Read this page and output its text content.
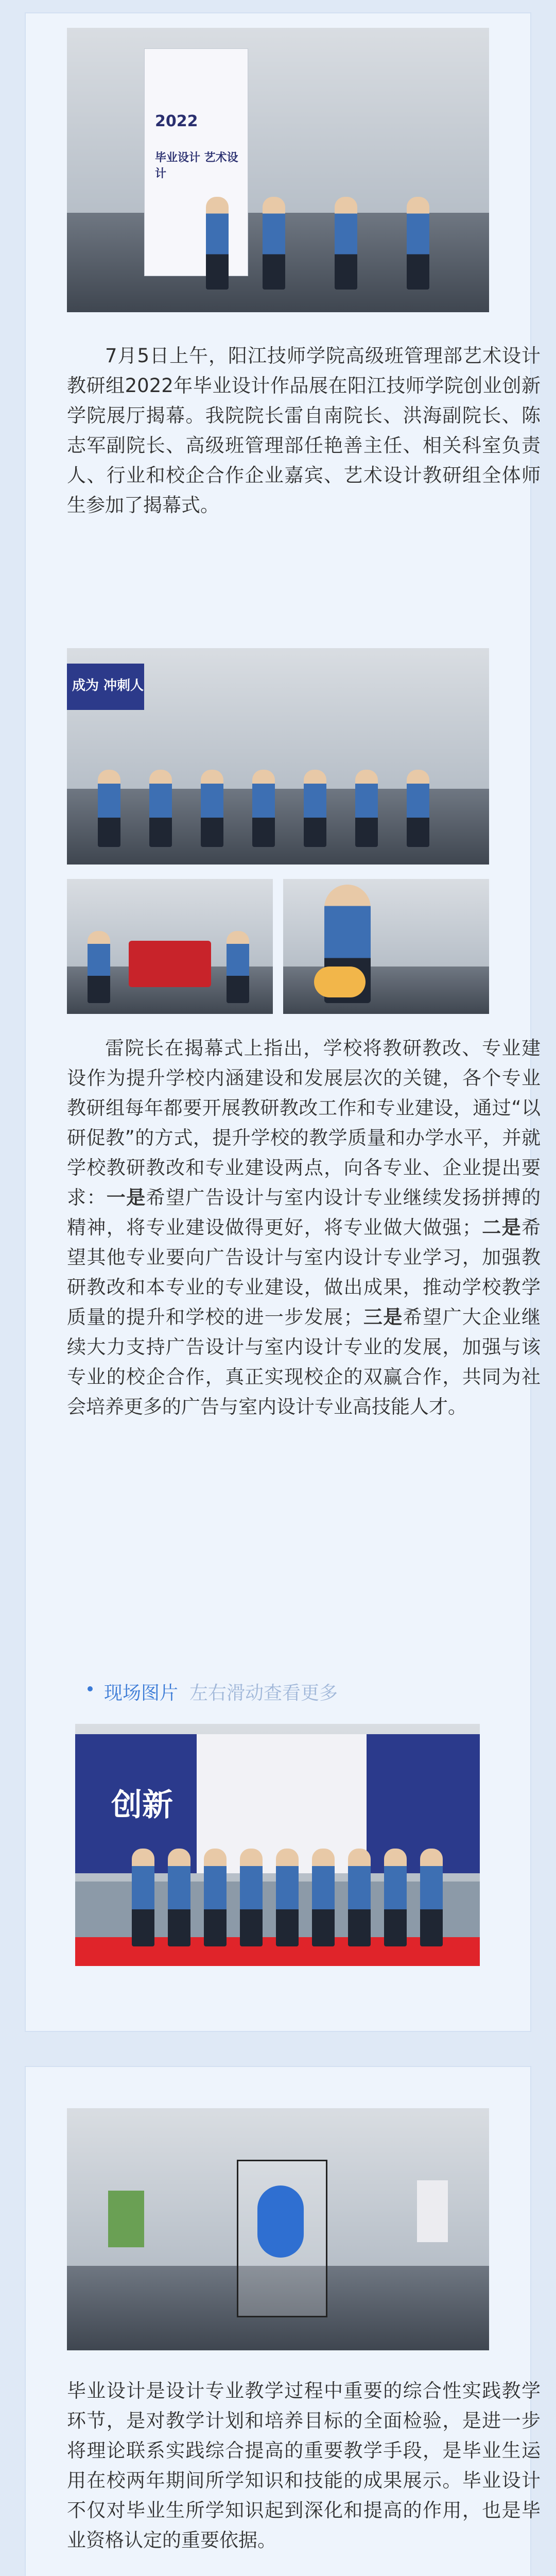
2022
毕业设计 艺术设计
7月5日上午，阳江技师学院高级班管理部艺术设计教研组2022年毕业设计作品展在阳江技师学院创业创新学院展厅揭幕。我院院长雷自南院长、洪海副院长、陈志军副院长、高级班管理部任艳善主任、相关科室负责人、行业和校企合作企业嘉宾、艺术设计教研组全体师生参加了揭幕式。
成为 冲刺人
雷院长在揭幕式上指出，学校将教研教改、专业建设作为提升学校内涵建设和发展层次的关键，各个专业教研组每年都要开展教研教改工作和专业建设，通过“以研促教”的方式，提升学校的教学质量和办学水平，并就学校教研教改和专业建设两点，向各专业、企业提出要求：一是希望广告设计与室内设计专业继续发扬拼搏的精神，将专业建设做得更好，将专业做大做强；二是希望其他专业要向广告设计与室内设计专业学习，加强教研教改和本专业的专业建设，做出成果，推动学校教学质量的提升和学校的进一步发展；三是希望广大企业继续大力支持广告设计与室内设计专业的发展，加强与该专业的校企合作，真正实现校企的双赢合作，共同为社会培养更多的广告与室内设计专业高技能人才。
现场图片 左右滑动查看更多
创新
毕业设计是设计专业教学过程中重要的综合性实践教学环节，是对教学计划和培养目标的全面检验，是进一步将理论联系实践综合提高的重要教学手段，是毕业生运用在校两年期间所学知识和技能的成果展示。毕业设计不仅对毕业生所学知识起到深化和提高的作用，也是毕业资格认定的重要依据。
